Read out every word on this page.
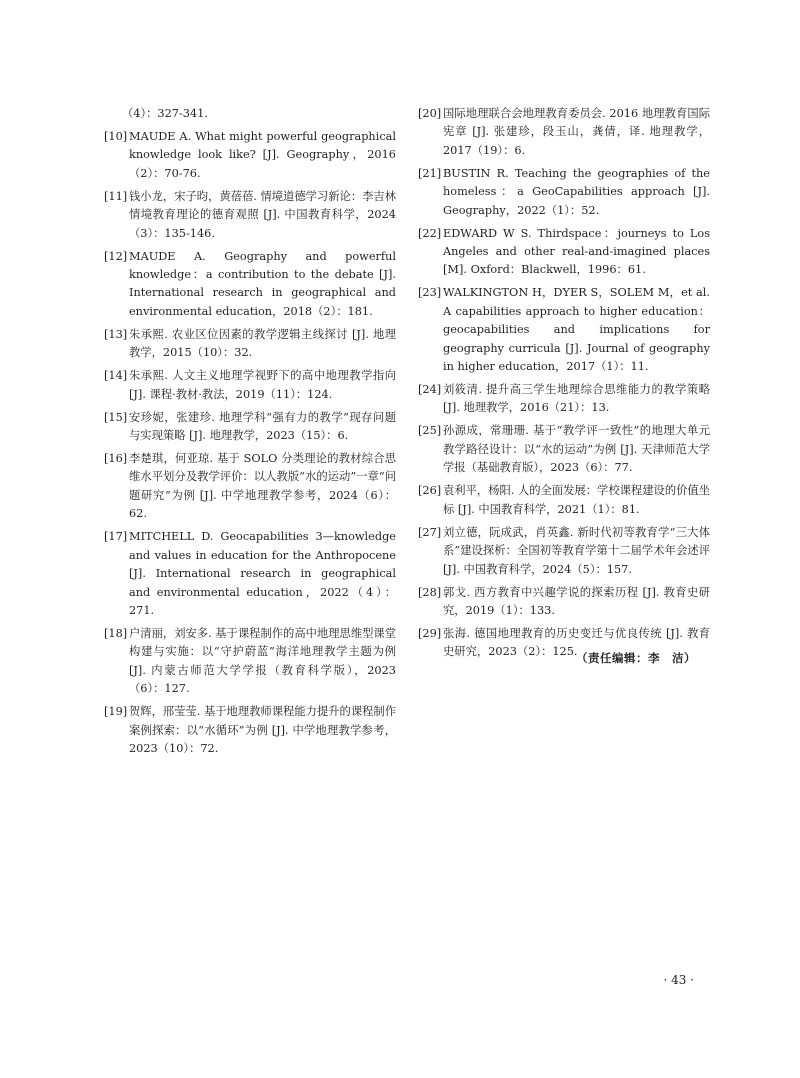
（4）：327-341.
[10] MAUDE A. What might powerful geographical knowledge look like? [J]. Geography，2016（2）：70-76.
[11] 钱小龙，宋子昀，黄蓓蓓. 情境道德学习新论：李吉林情境教育理论的德育观照 [J]. 中国教育科学，2024（3）：135-146.
[12] MAUDE A. Geography and powerful knowledge：a contribution to the debate [J]. International research in geographical and environmental education，2018（2）：181.
[13] 朱承熙. 农业区位因素的教学逻辑主线探讨 [J]. 地理教学，2015（10）：32.
[14] 朱承熙. 人文主义地理学视野下的高中地理教学指向 [J]. 课程·教材·教法，2019（11）：124.
[15] 安珍妮，张建珍. 地理学科“强有力的教学”现存问题与实现策略 [J]. 地理教学，2023（15）：6.
[16] 李楚琪，何亚琼. 基于 SOLO 分类理论的教材综合思维水平划分及教学评价：以人教版“水的运动”一章“问题研究”为例 [J]. 中学地理教学参考，2024（6）：62.
[17] MITCHELL D. Geocapabilities 3—knowledge and values in education for the Anthropocene [J]. International research in geographical and environmental education，2022（4）：271.
[18] 户清丽，刘安多. 基于课程制作的高中地理思维型课堂构建与实施：以“守护蔚蓝”海洋地理教学主题为例 [J]. 内蒙古师范大学学报（教育科学版），2023（6）：127.
[19] 贺辉，邢莹莹. 基于地理教师课程能力提升的课程制作案例探索：以“水循环”为例 [J]. 中学地理教学参考，2023（10）：72.
[20] 国际地理联合会地理教育委员会. 2016 地理教育国际宪章 [J]. 张建珍，段玉山，龚倩，译. 地理教学，2017（19）：6.
[21] BUSTIN R. Teaching the geographies of the homeless：a GeoCapabilities approach [J]. Geography，2022（1）：52.
[22] EDWARD W S. Thirdspace：journeys to Los Angeles and other real-and-imagined places [M]. Oxford：Blackwell，1996：61.
[23] WALKINGTON H，DYER S，SOLEM M，et al. A capabilities approach to higher education：geocapabilities and implications for geography curricula [J]. Journal of geography in higher education，2017（1）：11.
[24] 刘筱清. 提升高三学生地理综合思维能力的教学策略 [J]. 地理教学，2016（21）：13.
[25] 孙源成，常珊珊. 基于“教学评一致性”的地理大单元教学路径设计：以“水的运动”为例 [J]. 天津师范大学学报（基础教育版），2023（6）：77.
[26] 袁利平，杨阳. 人的全面发展：学校课程建设的价值坐标 [J]. 中国教育科学，2021（1）：81.
[27] 刘立德，阮成武，肖英鑫. 新时代初等教育学“三大体系”建设探析：全国初等教育学第十二届学术年会述评 [J]. 中国教育科学，2024（5）：157.
[28] 郭戈. 西方教育中兴趣学说的探索历程 [J]. 教育史研究，2019（1）：133.
[29] 张海. 德国地理教育的历史变迁与优良传统 [J]. 教育史研究，2023（2）：125.
（责任编辑：李　洁）
· 43 ·
